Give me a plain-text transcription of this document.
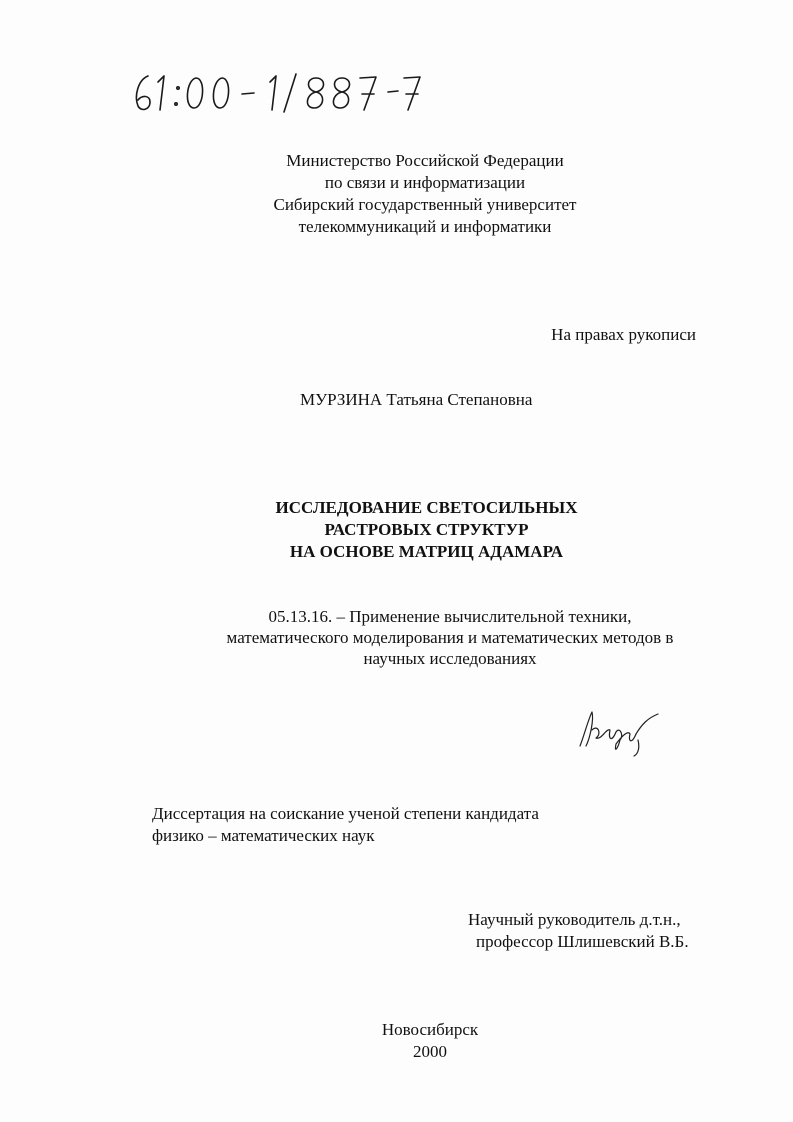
Министерство Российской Федерации
по связи и информатизации
Сибирский государственный университет
телекоммуникаций и информатики
На правах рукописи
МУРЗИНА Татьяна Степановна
ИССЛЕДОВАНИЕ СВЕТОСИЛЬНЫХ
РАСТРОВЫХ СТРУКТУР
НА ОСНОВЕ МАТРИЦ АДАМАРА
05.13.16. – Применение вычислительной техники,
математического моделирования и математических методов в
научных исследованиях
Диссертация на соискание ученой степени кандидата
физико – математических наук
Научный руководитель д.т.н.,
профессор Шлишевский В.Б.
Новосибирск
2000
